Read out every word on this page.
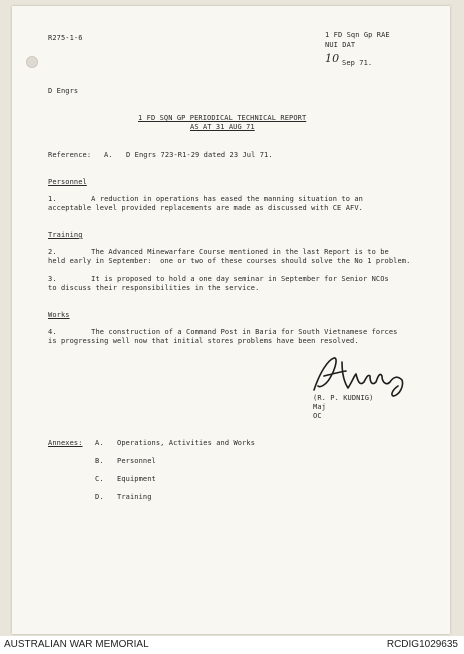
R275-1-6	1 FD Sqn Gp RAE
NUI DAT
10 Sep 71.
D Engrs
1 FD SQN GP PERIODICAL TECHNICAL REPORT
AS AT 31 AUG 71
Reference: A. D Engrs 723-R1-29 dated 23 Jul 71.
Personnel
1.        A reduction in operations has eased the manning situation to an
acceptable level provided replacements are made as discussed with CE AFV.
Training
2.        The Advanced Minewarfare Course mentioned in the last Report is to be
held early in September:  one or two of these courses should solve the No 1 problem.
3.        It is proposed to hold a one day seminar in September for Senior NCOs
to discuss their responsibilities in the service.
Works
4.        The construction of a Command Post in Baria for South Vietnamese forces
is progressing well now that initial stores problems have been resolved.
(R. P. KUDNIG)
Maj
OC
Annexes: A. Operations, Activities and Works
B. Personnel
C. Equipment
D. Training
AUSTRALIAN WAR MEMORIAL	RCDIG1029635
